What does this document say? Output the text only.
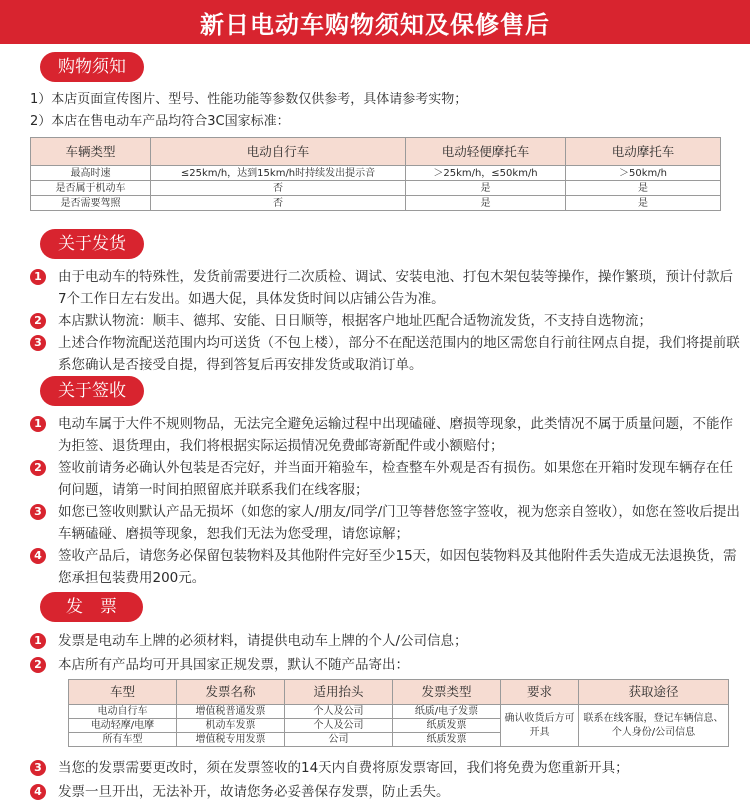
新日电动车购物须知及保修售后
购物须知
1）本店页面宣传图片、型号、性能功能等参数仅供参考，具体请参考实物；
2）本店在售电动车产品均符合3C国家标准：
车辆类型	电动自行车	电动轻便摩托车	电动摩托车
最高时速	≤25km/h，达到15km/h时持续发出提示音	＞25km/h，≤50km/h	＞50km/h
是否属于机动车	否	是	是
是否需要驾照	否	是	是
关于发货
1	由于电动车的特殊性，发货前需要进行二次质检、调试、安装电池、打包木架包装等操作，操作繁琐，预计付款后7个工作日左右发出。如遇大促，具体发货时间以店铺公告为准。
2	本店默认物流：顺丰、德邦、安能、日日顺等，根据客户地址匹配合适物流发货，不支持自选物流；
3	上述合作物流配送范围内均可送货（不包上楼），部分不在配送范围内的地区需您自行前往网点自提，我们将提前联系您确认是否接受自提，得到答复后再安排发货或取消订单。
关于签收
1	电动车属于大件不规则物品，无法完全避免运输过程中出现磕碰、磨损等现象，此类情况不属于质量问题，不能作为拒签、退货理由，我们将根据实际运损情况免费邮寄新配件或小额赔付；
2	签收前请务必确认外包装是否完好，并当面开箱验车，检查整车外观是否有损伤。如果您在开箱时发现车辆存在任何问题，请第一时间拍照留底并联系我们在线客服；
3	如您已签收则默认产品无损坏（如您的家人/朋友/同学/门卫等替您签字签收，视为您亲自签收），如您在签收后提出车辆磕碰、磨损等现象，恕我们无法为您受理，请您谅解；
4	签收产品后，请您务必保留包装物料及其他附件完好至少15天，如因包装物料及其他附件丢失造成无法退换货，需您承担包装费用200元。
发　票
1	发票是电动车上牌的必须材料，请提供电动车上牌的个人/公司信息；
2	本店所有产品均可开具国家正规发票，默认不随产品寄出：
车型	发票名称	适用抬头	发票类型	要求	获取途径
电动自行车	增值税普通发票	个人及公司	纸质/电子发票	确认收货后方可开具	联系在线客服，登记车辆信息、个人身份/公司信息
电动轻摩/电摩	机动车发票	个人及公司	纸质发票		
所有车型	增值税专用发票	公司	纸质发票		
3	当您的发票需要更改时，须在发票签收的14天内自费将原发票寄回，我们将免费为您重新开具；
4	发票一旦开出，无法补开，故请您务必妥善保存发票，防止丢失。
